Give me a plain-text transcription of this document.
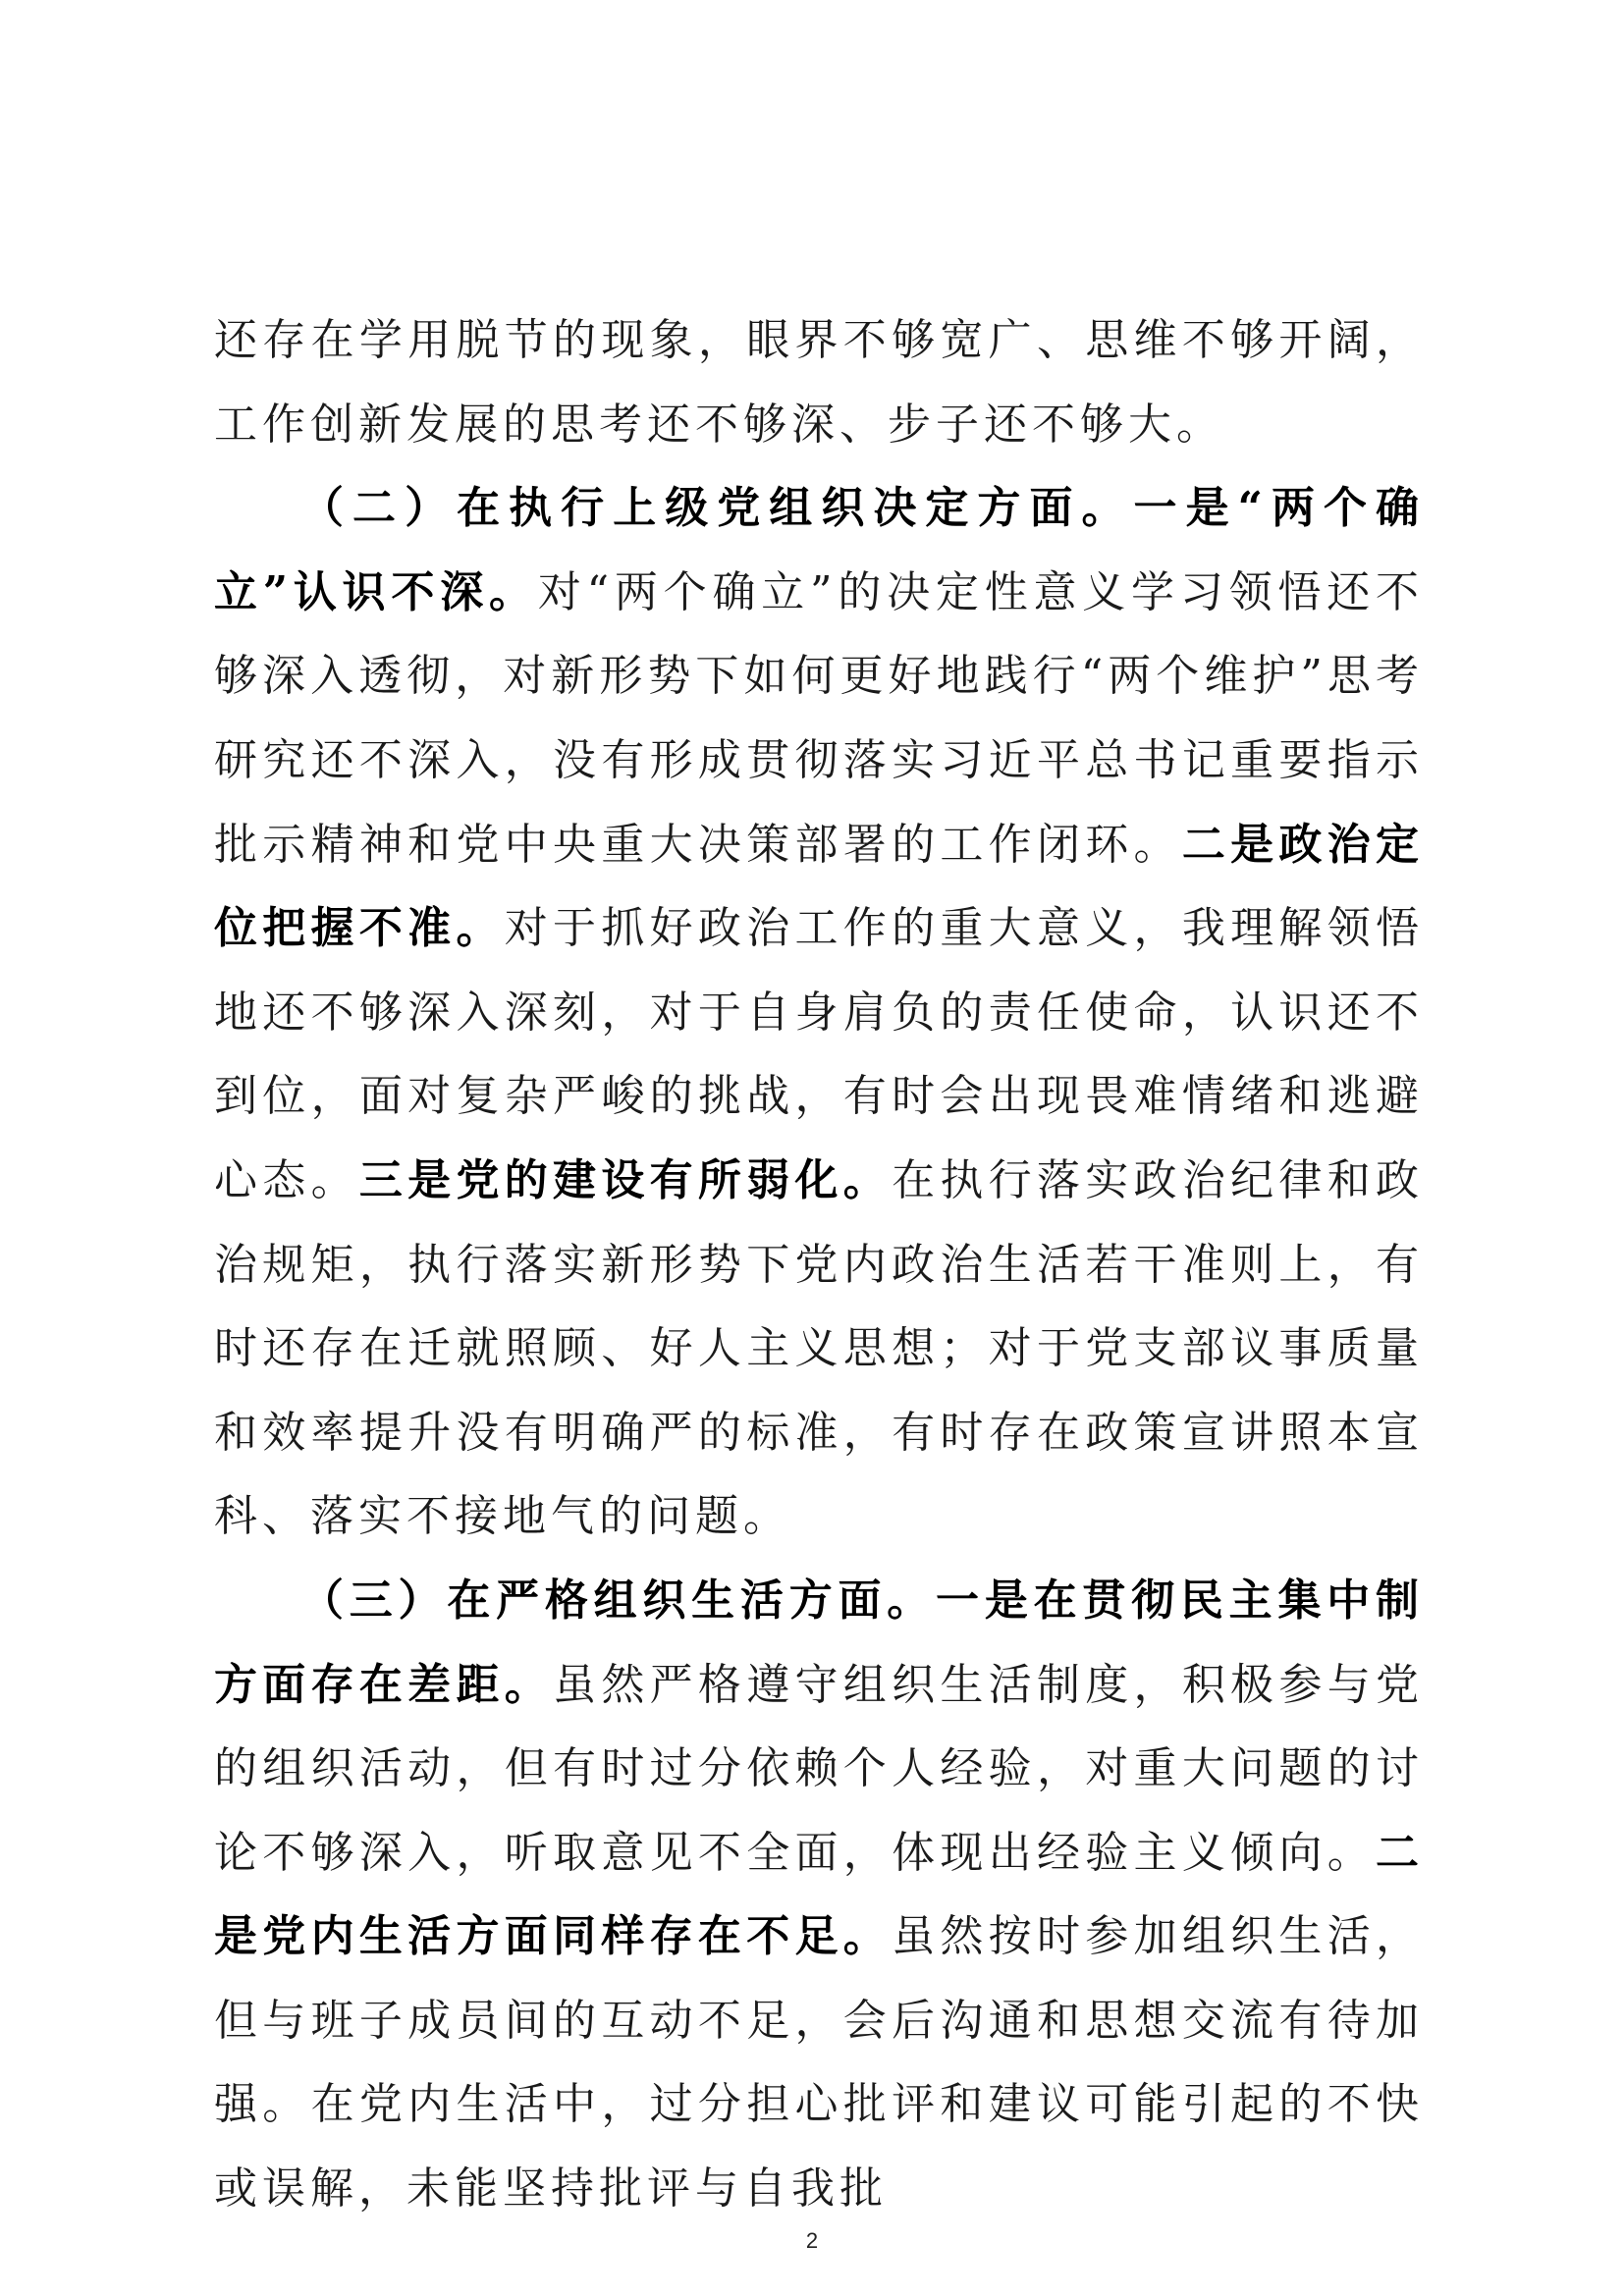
还存在学用脱节的现象，眼界不够宽广、思维不够开阔，工作创新发展的思考还不够深、步子还不够大。

（二）在执行上级党组织决定方面。一是“两个确立”认识不深。对“两个确立”的决定性意义学习领悟还不够深入透彻，对新形势下如何更好地践行“两个维护”思考研究还不深入，没有形成贯彻落实习近平总书记重要指示批示精神和党中央重大决策部署的工作闭环。二是政治定位把握不准。对于抓好政治工作的重大意义，我理解领悟地还不够深入深刻，对于自身肩负的责任使命，认识还不到位，面对复杂严峻的挑战，有时会出现畏难情绪和逃避心态。三是党的建设有所弱化。在执行落实政治纪律和政治规矩，执行落实新形势下党内政治生活若干准则上，有时还存在迁就照顾、好人主义思想；对于党支部议事质量和效率提升没有明确严的标准，有时存在政策宣讲照本宣科、落实不接地气的问题。

（三）在严格组织生活方面。一是在贯彻民主集中制方面存在差距。虽然严格遵守组织生活制度，积极参与党的组织活动，但有时过分依赖个人经验，对重大问题的讨论不够深入，听取意见不全面，体现出经验主义倾向。二是党内生活方面同样存在不足。虽然按时参加组织生活，但与班子成员间的互动不足，会后沟通和思想交流有待加强。在党内生活中，过分担心批评和建议可能引起的不快或误解，未能坚持批评与自我批

2
